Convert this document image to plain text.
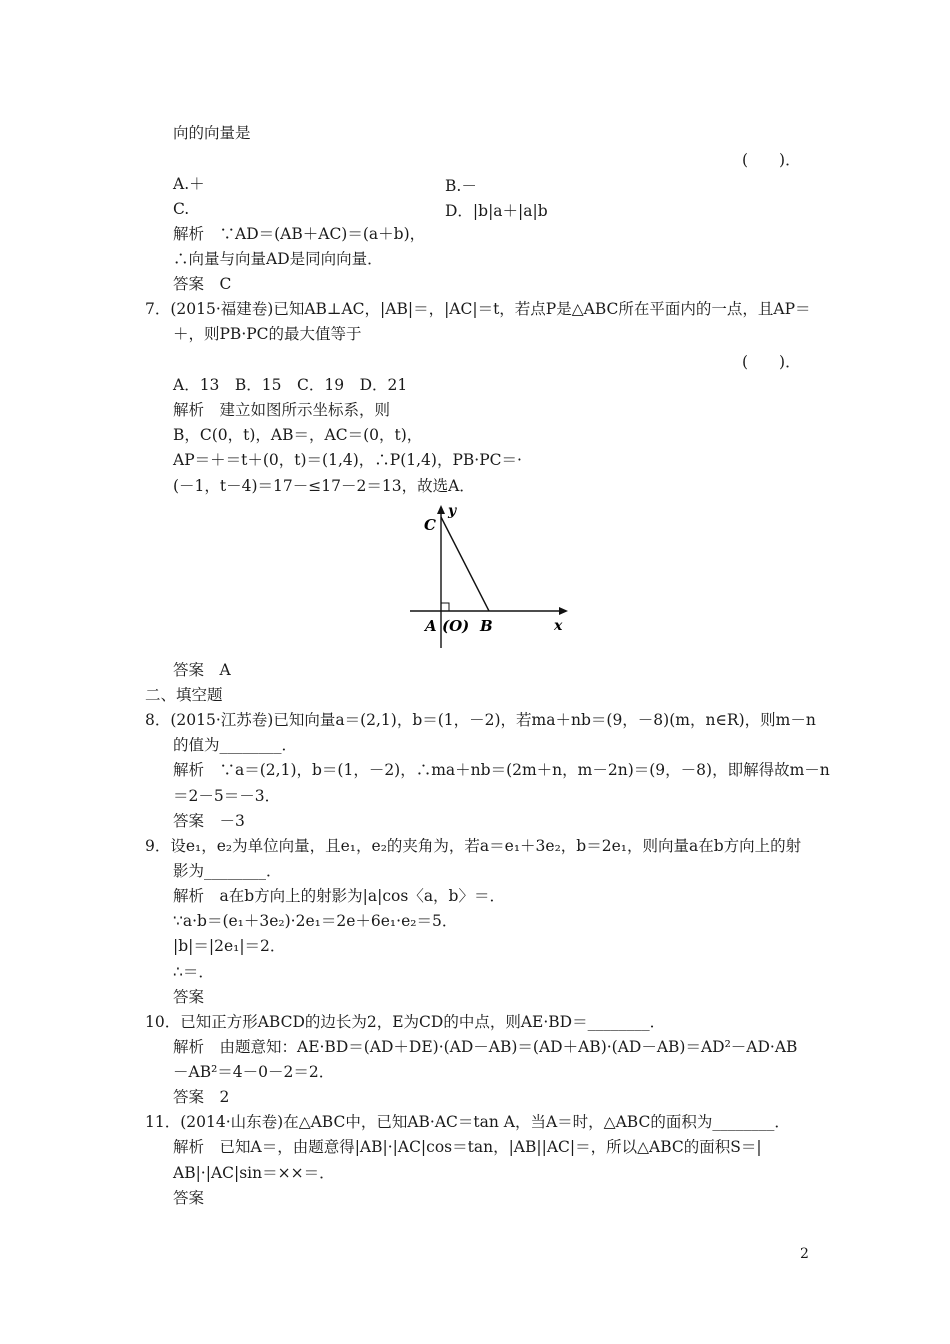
向的向量是
(　　)．
A.＋	B.－
C.	D．|b|a＋|a|b
解析　∵AD＝(AB＋AC)＝(a＋b)，
∴向量与向量AD是同向向量．
答案　C
7．(2015·福建卷)已知AB⊥AC，|AB|＝，|AC|＝t，若点P是△ABC所在平面内的一点，且AP＝
＋，则PB·PC的最大值等于
(　　)．
A．13　B．15　C．19　D．21
解析　建立如图所示坐标系，则
B，C(0，t)，AB＝，AC＝(0，t)，
AP＝＋＝t＋(0，t)＝(1,4)，∴P(1,4)，PB·PC＝·
(－1，t－4)＝17－≤17－2＝13，故选A．
y
x
C
A (O) B
答案　A
二、填空题
8．(2015·江苏卷)已知向量a＝(2,1)，b＝(1，－2)，若ma＋nb＝(9，－8)(m，n∈R)，则m－n
的值为________．
解析　∵a＝(2,1)，b＝(1，－2)，∴ma＋nb＝(2m＋n，m－2n)＝(9，－8)，即解得故m－n
＝2－5＝－3．
答案　－3
9．设e₁，e₂为单位向量，且e₁，e₂的夹角为，若a＝e₁＋3e₂，b＝2e₁，则向量a在b方向上的射
影为________．
解析　a在b方向上的射影为|a|cos〈a，b〉＝．
∵a·b＝(e₁＋3e₂)·2e₁＝2e＋6e₁·e₂＝5．
|b|＝|2e₁|＝2．
∴＝．
答案
10．已知正方形ABCD的边长为2，E为CD的中点，则AE·BD＝________．
解析　由题意知：AE·BD＝(AD＋DE)·(AD－AB)＝(AD＋AB)·(AD－AB)＝AD²－AD·AB
－AB²＝4－0－2＝2．
答案　2
11．(2014·山东卷)在△ABC中，已知AB·AC＝tan A，当A＝时，△ABC的面积为________．
解析　已知A＝，由题意得|AB|·|AC|cos＝tan，|AB||AC|＝，所以△ABC的面积S＝|
AB|·|AC|sin＝××＝．
答案
2
